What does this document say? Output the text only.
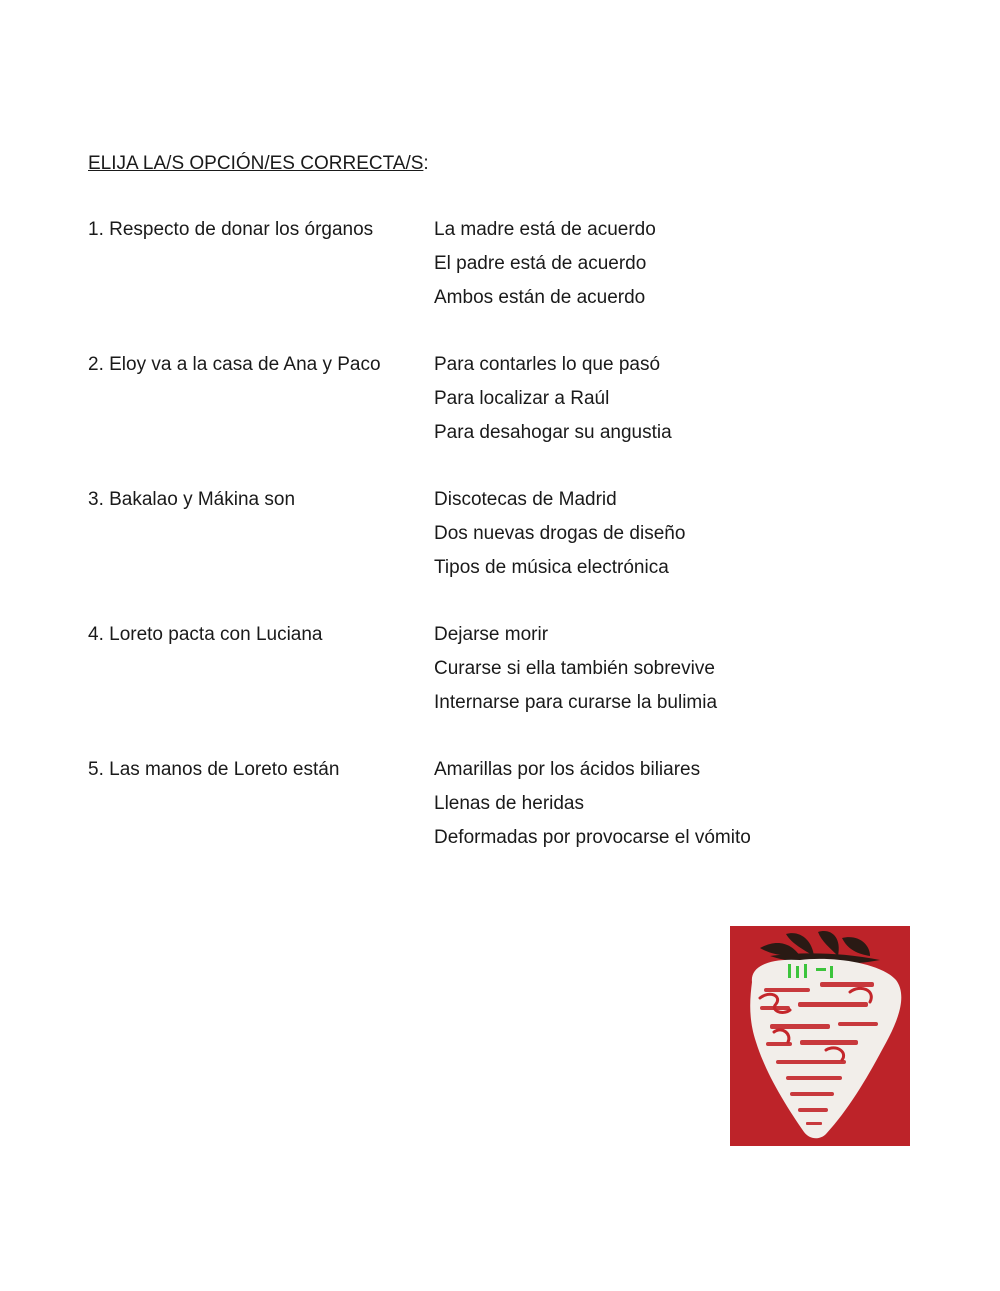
ELIJA LA/S OPCIÓN/ES CORRECTA/S:
1. Respecto de donar los órganos	La madre está de acuerdo
El padre está de acuerdo
Ambos están de acuerdo
2. Eloy va a la casa de Ana y Paco	Para contarles lo que pasó
Para localizar a Raúl
Para desahogar su angustia
3. Bakalao y Mákina son	Discotecas de Madrid
Dos nuevas drogas de diseño
Tipos de música electrónica
4. Loreto pacta con Luciana	Dejarse morir
Curarse si ella también sobrevive
Internarse para curarse la bulimia
5. Las manos de Loreto están	Amarillas por los ácidos biliares
Llenas de heridas
Deformadas por provocarse el vómito
